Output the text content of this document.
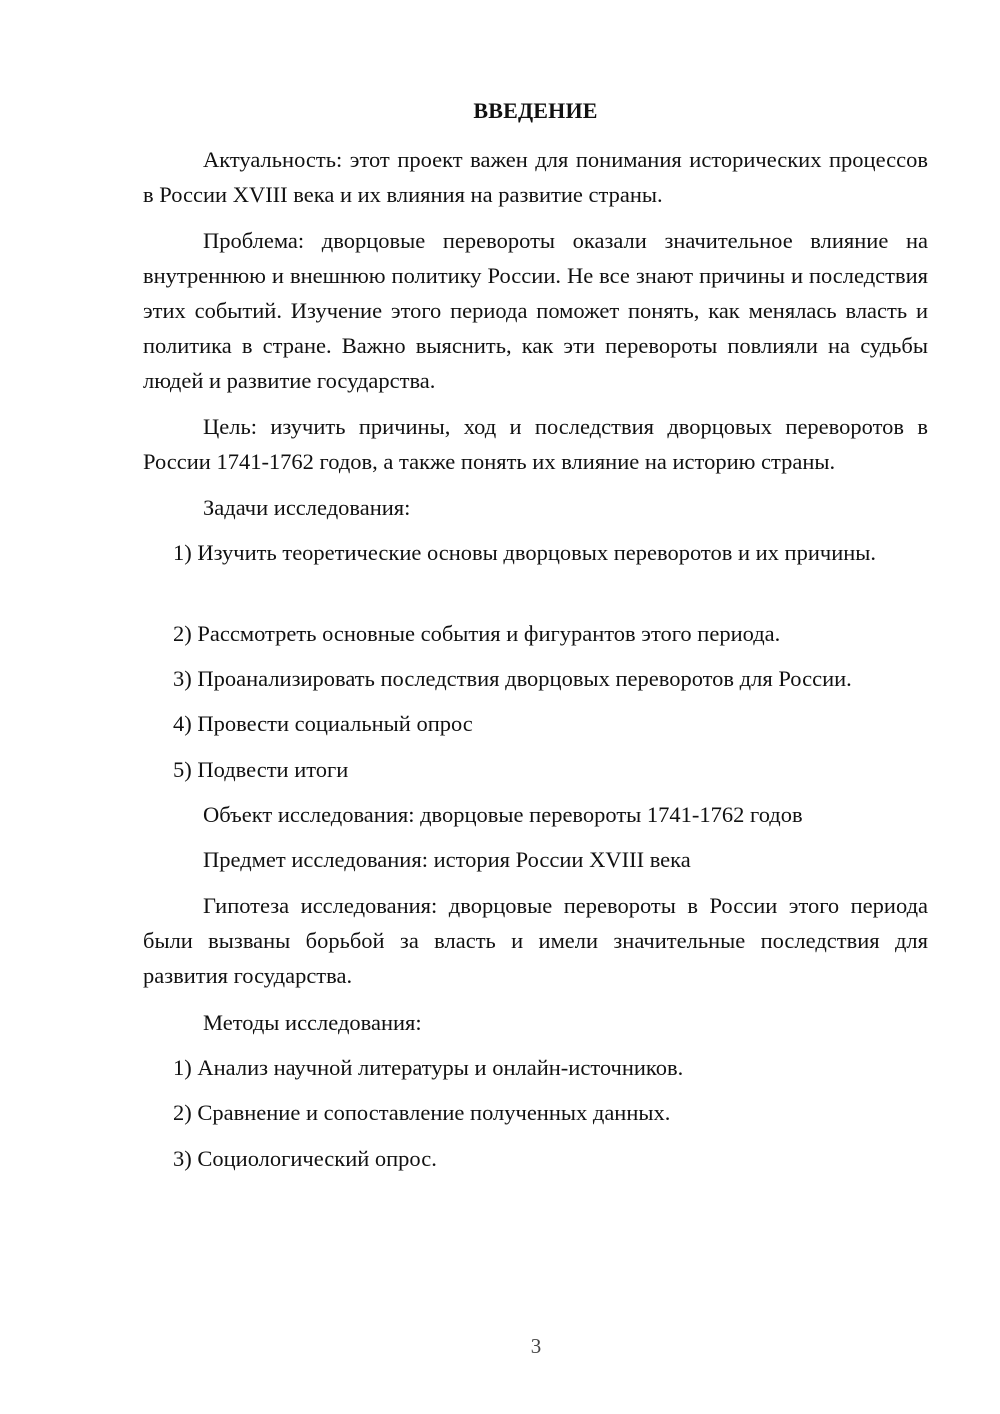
ВВЕДЕНИЕ

Актуальность: этот проект важен для понимания исторических процессов в России XVIII века и их влияния на развитие страны.

Проблема: дворцовые перевороты оказали значительное влияние на внутреннюю и внешнюю политику России. Не все знают причины и последствия этих событий. Изучение этого периода поможет понять, как менялась власть и политика в стране. Важно выяснить, как эти перевороты повлияли на судьбы людей и развитие государства.

Цель: изучить причины, ход и последствия дворцовых переворотов в России 1741-1762 годов, а также понять их влияние на историю страны.

Задачи исследования:

1) Изучить теоретические основы дворцовых переворотов и их причины.

2) Рассмотреть основные события и фигурантов этого периода.

3) Проанализировать последствия дворцовых переворотов для России.

4) Провести социальный опрос

5) Подвести итоги

Объект исследования: дворцовые перевороты 1741-1762 годов

Предмет исследования: история России XVIII века

Гипотеза исследования: дворцовые перевороты в России этого периода были вызваны борьбой за власть и имели значительные последствия для развития государства.

Методы исследования:

1) Анализ научной литературы и онлайн-источников.

2) Сравнение и сопоставление полученных данных.

3) Социологический опрос.

3
